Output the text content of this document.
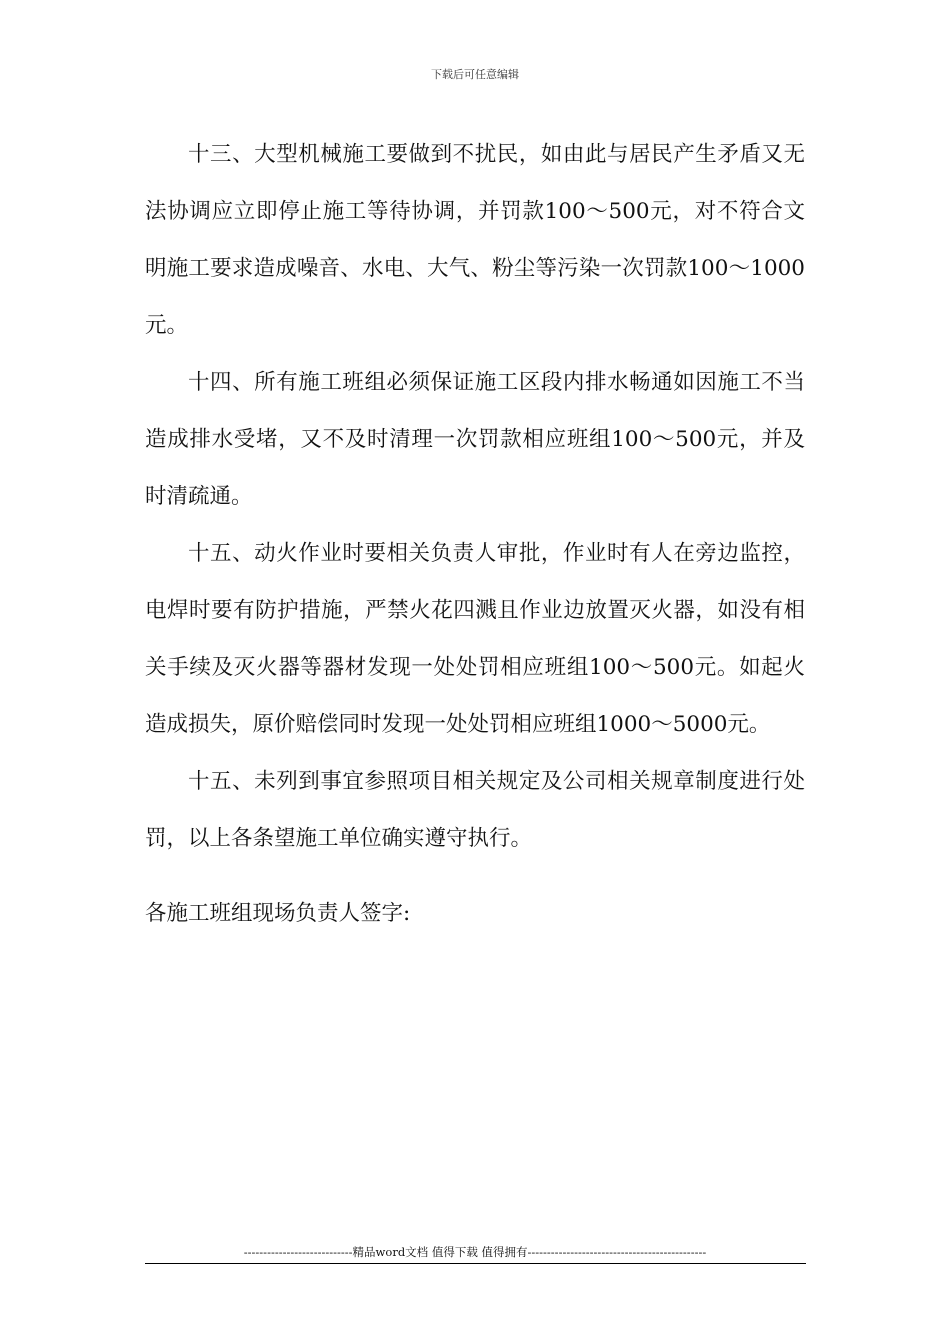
下载后可任意编辑

十三、大型机械施工要做到不扰民，如由此与居民产生矛盾又无法协调应立即停止施工等待协调，并罚款100～500元，对不符合文明施工要求造成噪音、水电、大气、粉尘等污染一次罚款100～1000元。

十四、所有施工班组必须保证施工区段内排水畅通如因施工不当造成排水受堵，又不及时清理一次罚款相应班组100～500元，并及时清疏通。

十五、动火作业时要相关负责人审批，作业时有人在旁边监控，电焊时要有防护措施，严禁火花四溅且作业边放置灭火器，如没有相关手续及灭火器等器材发现一处处罚相应班组100～500元。如起火造成损失，原价赔偿同时发现一处处罚相应班组1000～5000元。

十五、未列到事宜参照项目相关规定及公司相关规章制度进行处罚，以上各条望施工单位确实遵守执行。

各施工班组现场负责人签字:

----------------------------精品word文档 值得下载 值得拥有----------------------------------------------
